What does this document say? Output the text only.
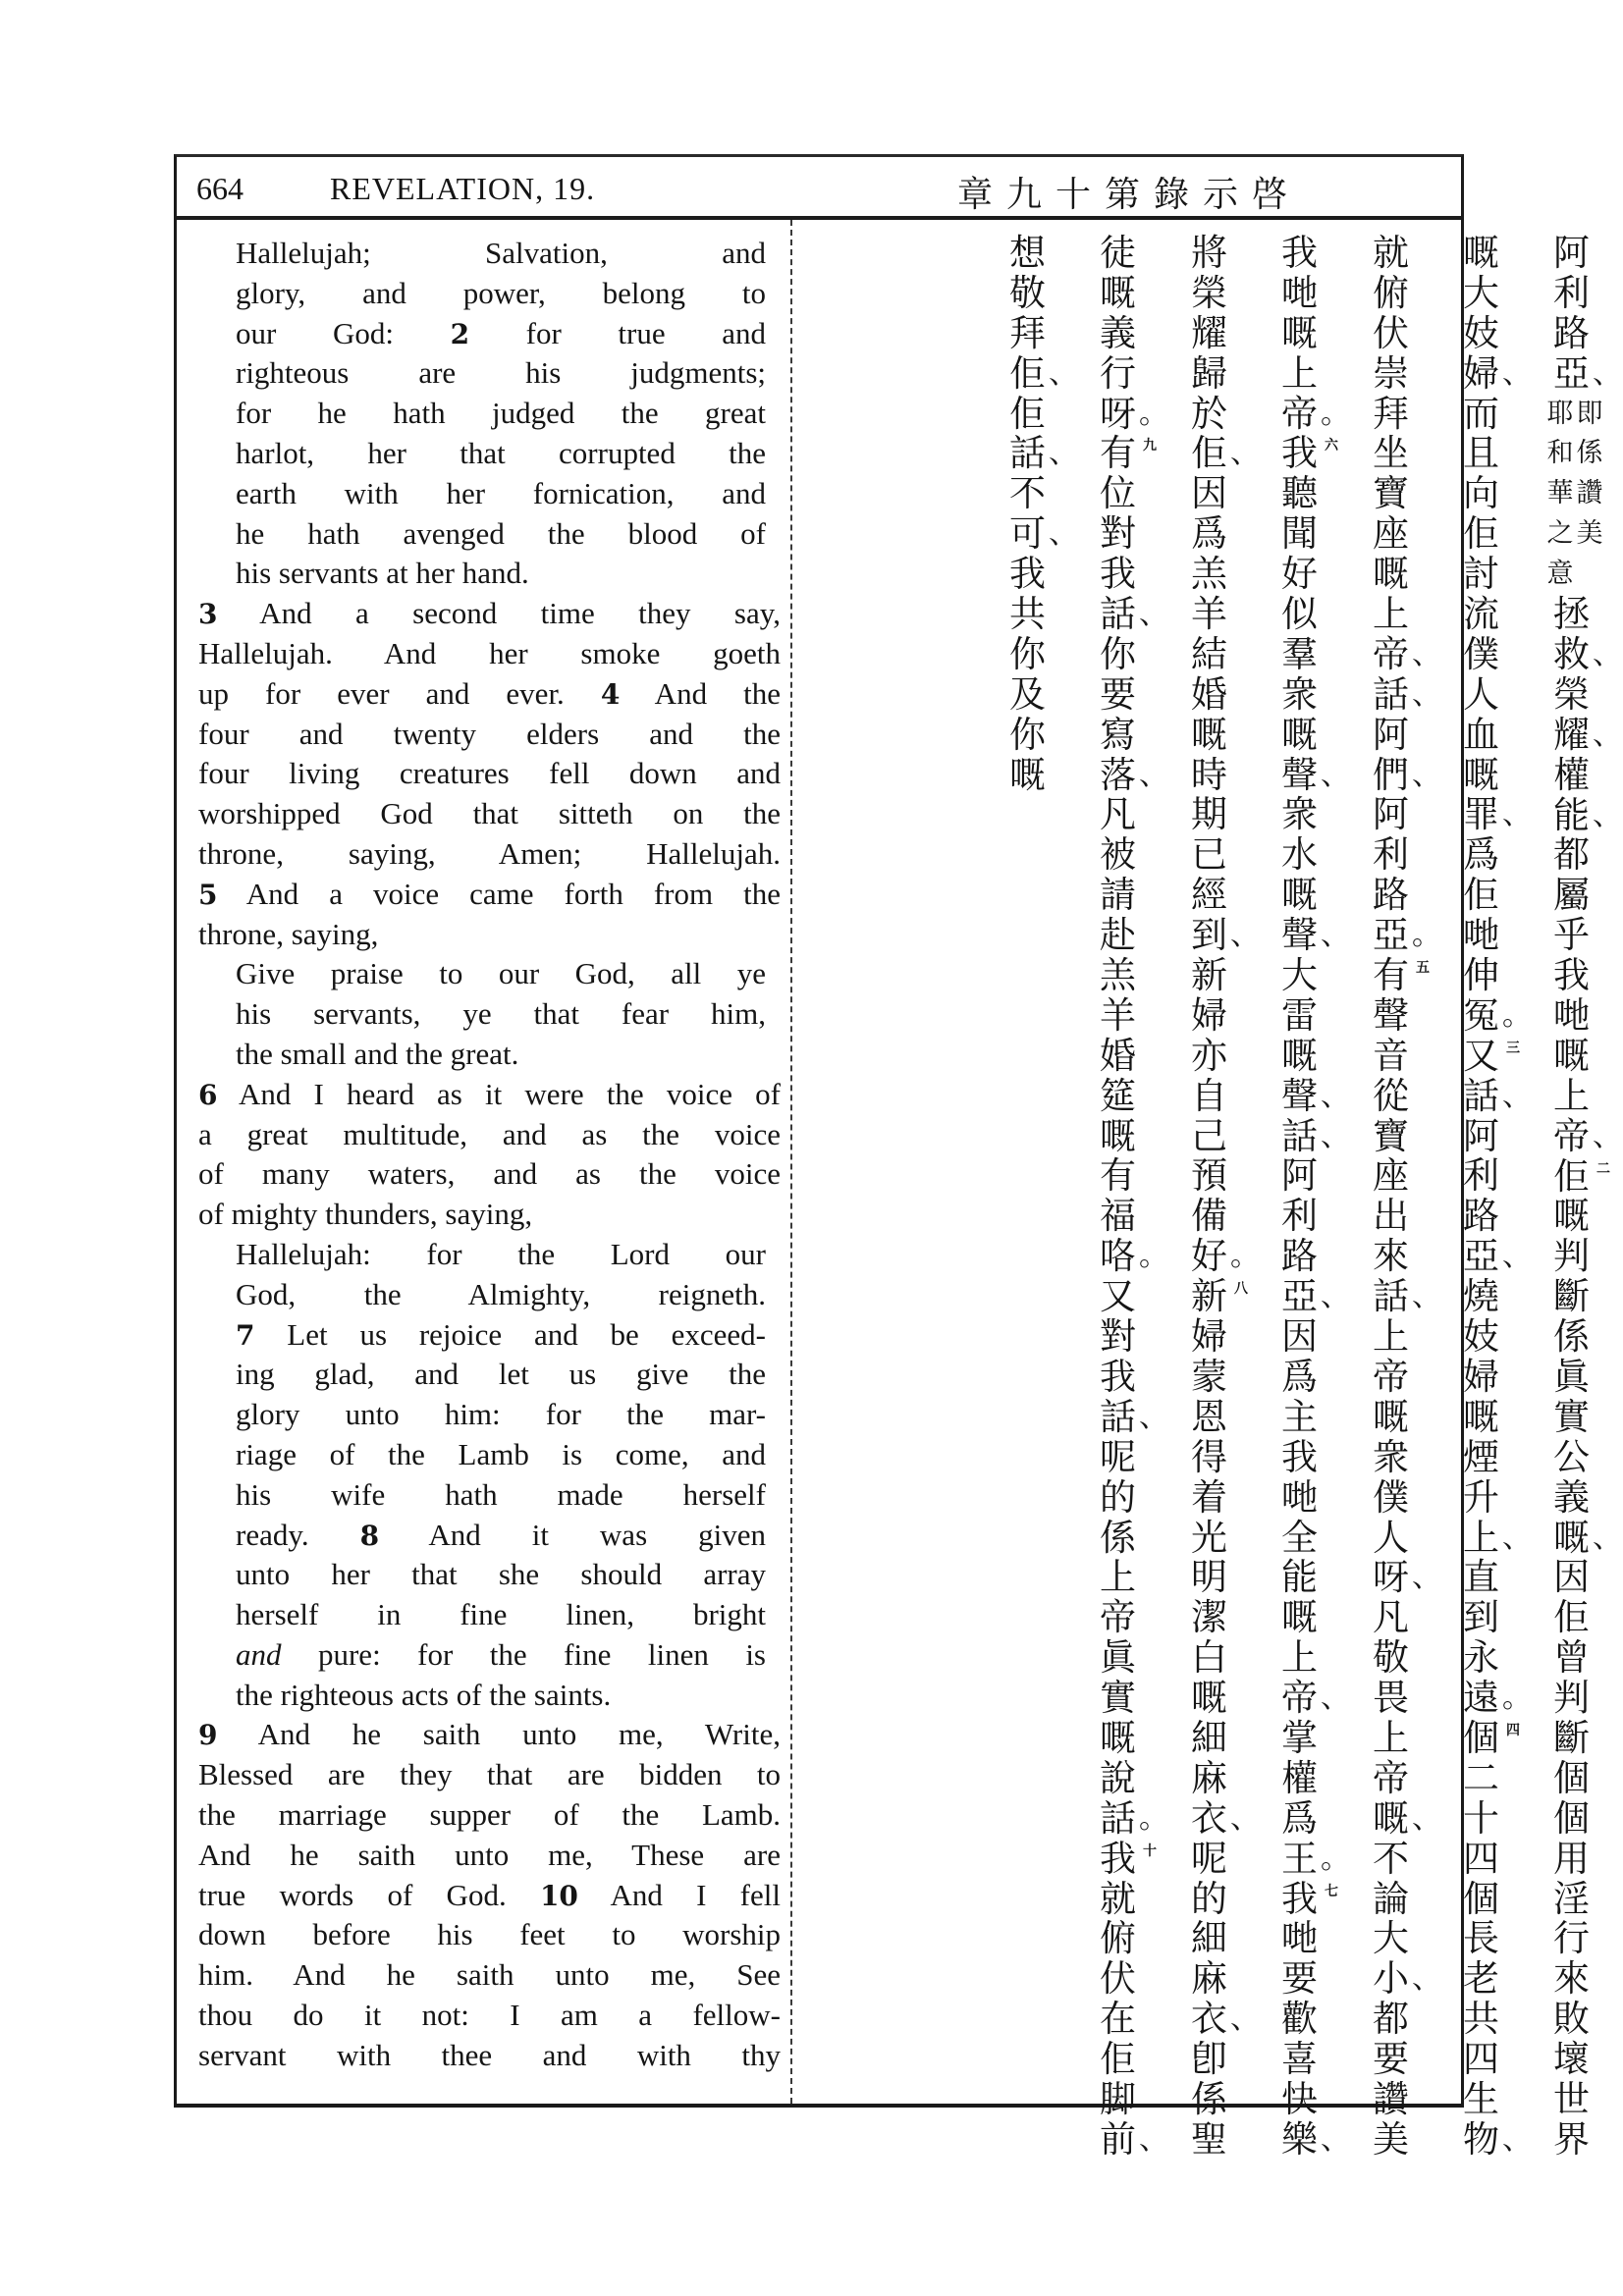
664	REVELATION, 19.	章九十第錄示啓
Hallelujah; Salvation, and
glory, and power, belong to
our God: 2 for true and
righteous are his judgments;
for he hath judged the great
harlot, her that corrupted the
earth with her fornication, and
he hath avenged the blood of
his servants at her hand.
3 And a second time they say,
Hallelujah. And her smoke goeth
up for ever and ever. 4 And the
four and twenty elders and the
four living creatures fell down and
worshipped God that sitteth on the
throne, saying, Amen; Hallelujah.
5 And a voice came forth from the
throne, saying,
Give praise to our God, all ye
his servants, ye that fear him,
the small and the great.
6 And I heard as it were the voice of
a great multitude, and as the voice
of many waters, and as the voice
of mighty thunders, saying,
Hallelujah: for the Lord our
God, the Almighty, reigneth.
7 Let us rejoice and be exceed-
ing glad, and let us give the
glory unto him: for the mar-
riage of the Lamb is come, and
his wife hath made herself
ready. 8 And it was given
unto her that she should array
herself in fine linen, bright
and pure: for the fine linen is
the righteous acts of the saints.
9 And he saith unto me, Write,
Blessed are they that are bidden to
the marriage supper of the Lamb.
And he saith unto me, These are
true words of God. 10 And I fell
down before his feet to worship
him. And he saith unto me, See
thou do it not: I am a fellow-
servant with thee and with thy
阿
利
路
亞 、
即
係
讚
美
耶
和
華
之
意
拯
救 、
榮
耀 、
權
能 、
都
屬
乎
我
哋
嘅
上
帝 、
佢 二
嘅
判
斷
係
眞
實
公
義
嘅 、
因
佢
曾
判
斷
個
個
用
淫
行
來
敗
壞
世
界
嘅
大
妓
婦 、
而
且
向
佢
討
流
僕
人
血
嘅
罪 、
爲
佢
哋
伸
冤 。
又 三
話 、
阿
利
路
亞 、
燒
妓
婦
嘅
煙
升
上 、
直
到
永
遠 。
個 四
二
十
四
個
長
老
共
四
生
物 、
就
俯
伏
崇
拜
坐
寶
座
嘅
上
帝 、
話 、
阿
們 、
阿
利
路
亞 。
有 五
聲
音
從
寶
座
出
來
話 、
上
帝
嘅
衆
僕
人
呀 、
凡
敬
畏
上
帝
嘅 、
不
論
大
小 、
都
要
讚
美
我
哋
嘅
上
帝 。
我 六
聽
聞
好
似
羣
衆
嘅
聲 、
衆
水
嘅
聲 、
大
雷
嘅
聲 、
話 、
阿
利
路
亞 、
因
爲
主
我
哋
全
能
嘅
上
帝 、
掌
權
爲
王 。
我 七
哋
要
歡
喜
快
樂 、
將
榮
耀
歸
於
佢 、
因
爲
羔
羊
結
婚
嘅
時
期
已
經
到 、
新
婦
亦
自
己
預
備
好 。
新 八
婦
蒙
恩
得
着
光
明
潔
白
嘅
細
麻
衣 、
呢
的
細
麻
衣 、
卽
係
聖
徒
嘅
義
行
呀 。
有 九
位
對
我
話 、
你
要
寫
落 、
凡
被
請
赴
羔
羊
婚
筵
嘅
有
福
咯 。
又
對
我
話 、
呢
的
係
上
帝
眞
實
嘅
說
話 。
我 十
就
俯
伏
在
佢
脚
前 、
想
敬
拜
佢 、
佢
話 、
不
可 、
我
共
你
及
你
嘅
